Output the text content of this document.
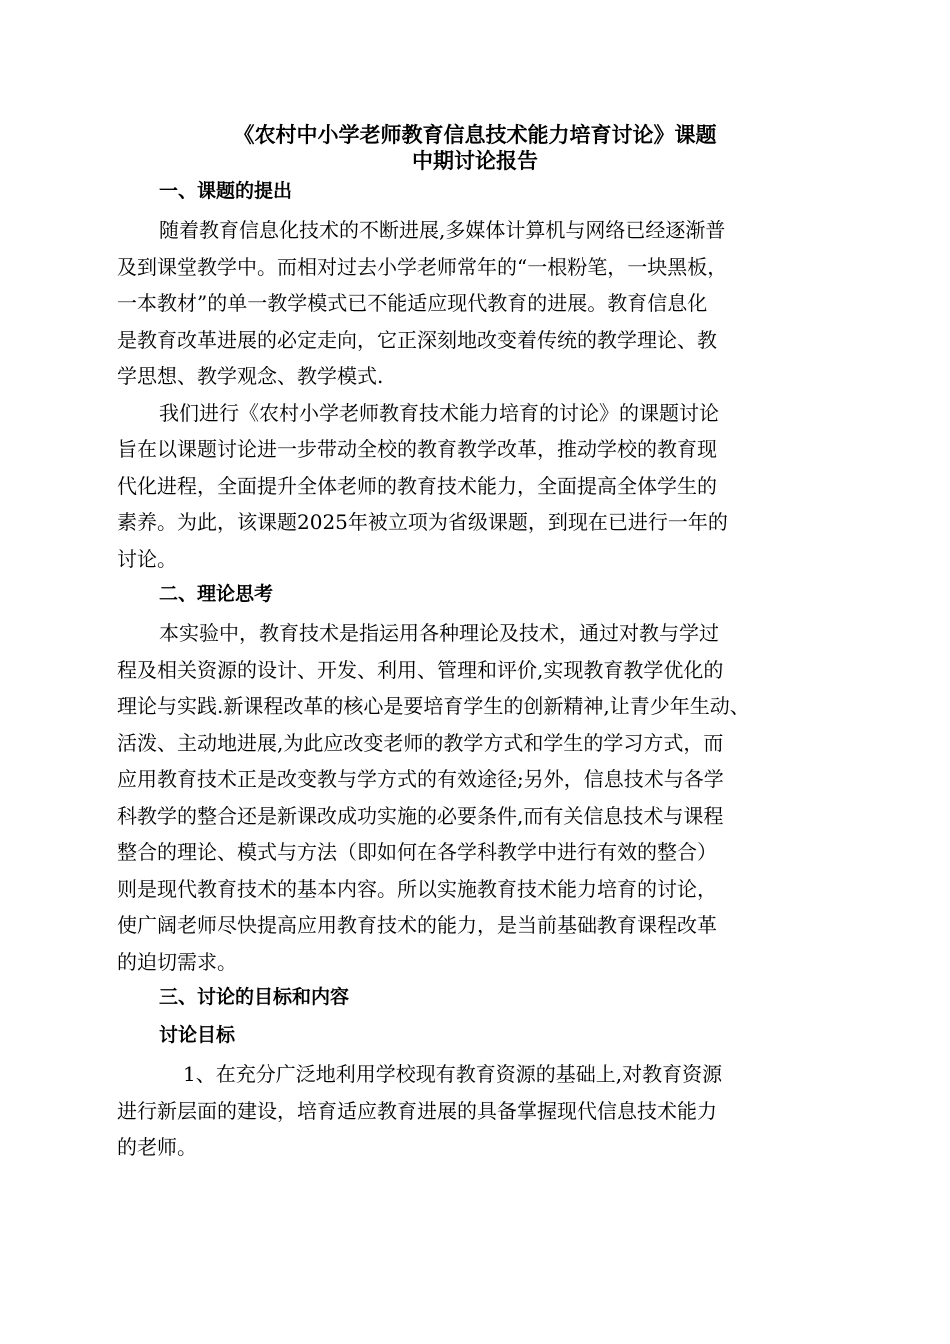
《农村中小学老师教育信息技术能力培育讨论》课题
中期讨论报告
一、课题的提出
随着教育信息化技术的不断进展,多媒体计算机与网络已经逐渐普
及到课堂教学中。而相对过去小学老师常年的“一根粉笔，一块黑板，
一本教材”的单一教学模式已不能适应现代教育的进展。教育信息化
是教育改革进展的必定走向，它正深刻地改变着传统的教学理论、教
学思想、教学观念、教学模式.
我们进行《农村小学老师教育技术能力培育的讨论》的课题讨论
旨在以课题讨论进一步带动全校的教育教学改革，推动学校的教育现
代化进程，全面提升全体老师的教育技术能力，全面提高全体学生的
素养。为此，该课题2025年被立项为省级课题，到现在已进行一年的
讨论。
二、理论思考
本实验中，教育技术是指运用各种理论及技术，通过对教与学过
程及相关资源的设计、开发、利用、管理和评价,实现教育教学优化的
理论与实践.新课程改革的核心是要培育学生的创新精神,让青少年生动、
活泼、主动地进展,为此应改变老师的教学方式和学生的学习方式，而
应用教育技术正是改变教与学方式的有效途径;另外，信息技术与各学
科教学的整合还是新课改成功实施的必要条件,而有关信息技术与课程
整合的理论、模式与方法（即如何在各学科教学中进行有效的整合）
则是现代教育技术的基本内容。所以实施教育技术能力培育的讨论，
使广阔老师尽快提高应用教育技术的能力，是当前基础教育课程改革
的迫切需求。
三、讨论的目标和内容
讨论目标
1、在充分广泛地利用学校现有教育资源的基础上,对教育资源
进行新层面的建设，培育适应教育进展的具备掌握现代信息技术能力
的老师。
